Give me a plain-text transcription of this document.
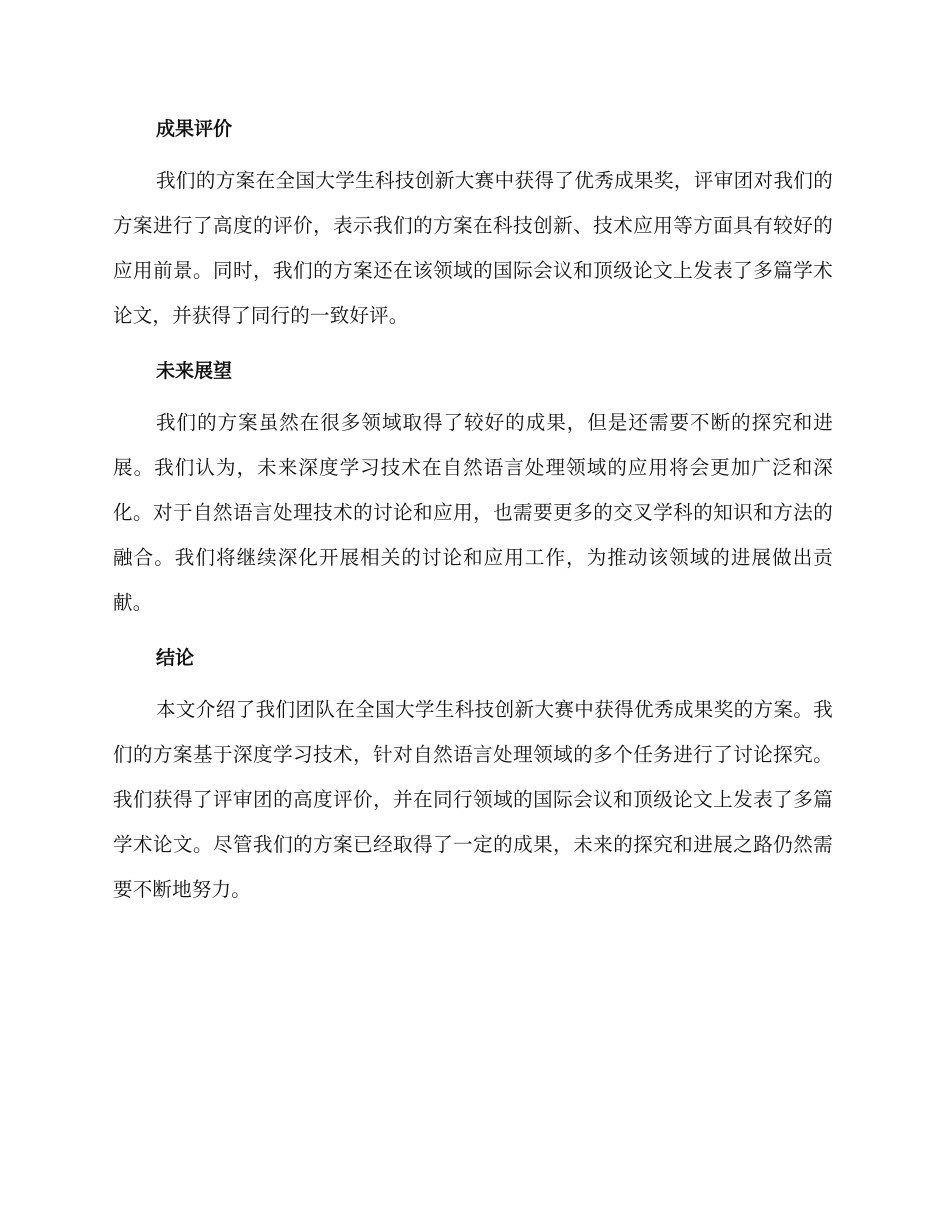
成果评价

我们的方案在全国大学生科技创新大赛中获得了优秀成果奖，评审团对我们的方案进行了高度的评价，表示我们的方案在科技创新、技术应用等方面具有较好的应用前景。同时，我们的方案还在该领域的国际会议和顶级论文上发表了多篇学术论文，并获得了同行的一致好评。

未来展望

我们的方案虽然在很多领域取得了较好的成果，但是还需要不断的探究和进展。我们认为，未来深度学习技术在自然语言处理领域的应用将会更加广泛和深化。对于自然语言处理技术的讨论和应用，也需要更多的交叉学科的知识和方法的融合。我们将继续深化开展相关的讨论和应用工作，为推动该领域的进展做出贡献。

结论

本文介绍了我们团队在全国大学生科技创新大赛中获得优秀成果奖的方案。我们的方案基于深度学习技术，针对自然语言处理领域的多个任务进行了讨论探究。我们获得了评审团的高度评价，并在同行领域的国际会议和顶级论文上发表了多篇学术论文。尽管我们的方案已经取得了一定的成果，未来的探究和进展之路仍然需要不断地努力。
